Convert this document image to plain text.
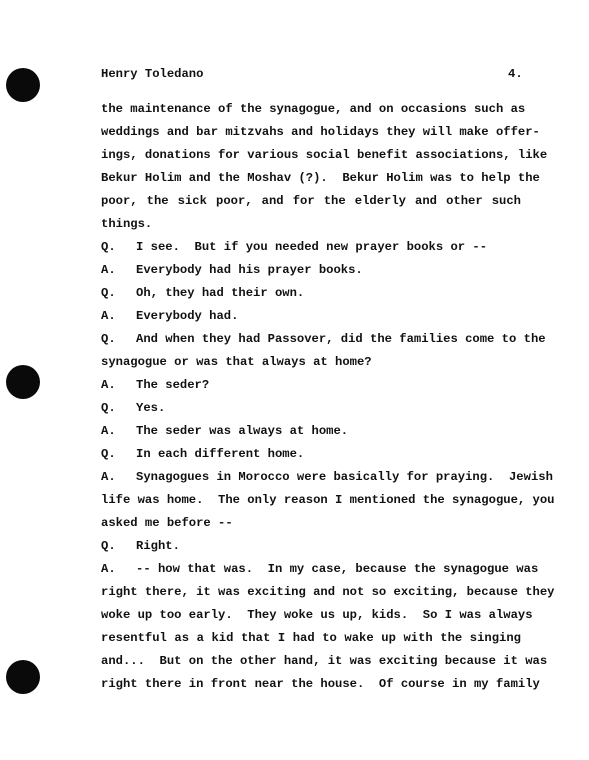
Henry Toledano	4.
the maintenance of the synagogue, and on occasions such as
weddings and bar mitzvahs and holidays they will make offer-
ings, donations for various social benefit associations, like
Bekur Holim and the Moshav (?).  Bekur Holim was to help the
poor, the sick poor, and for the elderly and other such
things.
Q.	I see.  But if you needed new prayer books or --
A.	Everybody had his prayer books.
Q.	Oh, they had their own.
A.	Everybody had.
Q.	And when they had Passover, did the families come to the
synagogue or was that always at home?
A.	The seder?
Q.	Yes.
A.	The seder was always at home.
Q.	In each different home.
A.	Synagogues in Morocco were basically for praying.  Jewish
life was home.  The only reason I mentioned the synagogue, you
asked me before --
Q.	Right.
A.	-- how that was.  In my case, because the synagogue was
right there, it was exciting and not so exciting, because they
woke up too early.  They woke us up, kids.  So I was always
resentful as a kid that I had to wake up with the singing
and...  But on the other hand, it was exciting because it was
right there in front near the house.  Of course in my family
